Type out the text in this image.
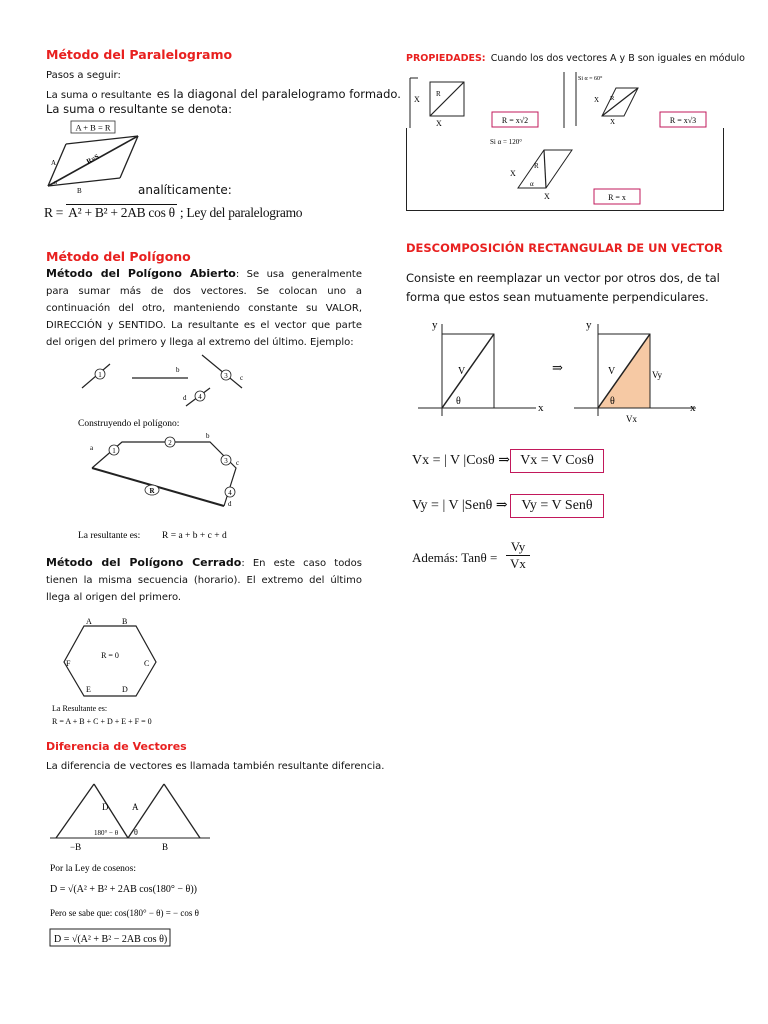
Método del Paralelogramo
Pasos a seguir:
La suma o resultante es la diagonal del paralelogramo formado.
La suma o resultante se denota:
A + B = R
A
B
R=S
α	analíticamente:
R = A² + B² + 2AB cos θ ; Ley del paralelogramo
Método del Polígono
Método del Polígono Abierto: Se usa generalmente para sumar más de dos vectores. Se colocan uno a continuación del otro, manteniendo constante su VALOR, DIRECCIÓN y SENTIDO. La resultante es el vector que parte del origen del primero y llega al extremo del último. Ejemplo:
1
b
3 c
4
d
Construyendo el polígono:
1
2
3
4
R
a
b
c
d
La resultante es: R = a + b + c + d
Método del Polígono Cerrado: En este caso todos tienen la misma secuencia (horario). El extremo del último llega al origen del primero.
A	B
C
D
E
F
R = 0
La Resultante es:
R = A + B + C + D + E + F = 0
Diferencia de Vectores
La diferencia de vectores es llamada también resultante diferencia.
D	A
180° − θ θ
−B	B
Por la Ley de cosenos:
D = √(A² + B² + 2AB cos(180° − θ))
Pero se sabe que: cos(180° − θ) = − cos θ
D = √(A² + B² − 2AB cos θ)
PROPIEDADES: Cuando los dos vectores A y B son iguales en módulo
X
R
X	R = x√2
Si α = 60°
X R
X	R = x√3
Si α = 120°
X
R
α
X	R = x
DESCOMPOSICIÓN RECTANGULAR DE UN VECTOR
Consiste en reemplazar un vector por otros dos, de tal forma que estos sean mutuamente perpendiculares.
x
y
V
θ
⇒
x
y
V	Vy
Vx
θ
Vx = | V |Cosθ ⇒ Vx = V Cosθ
Vy = | V |Senθ ⇒ Vy = V Senθ
Además: $Tan\theta = \frac{Vy}{Vx}$
